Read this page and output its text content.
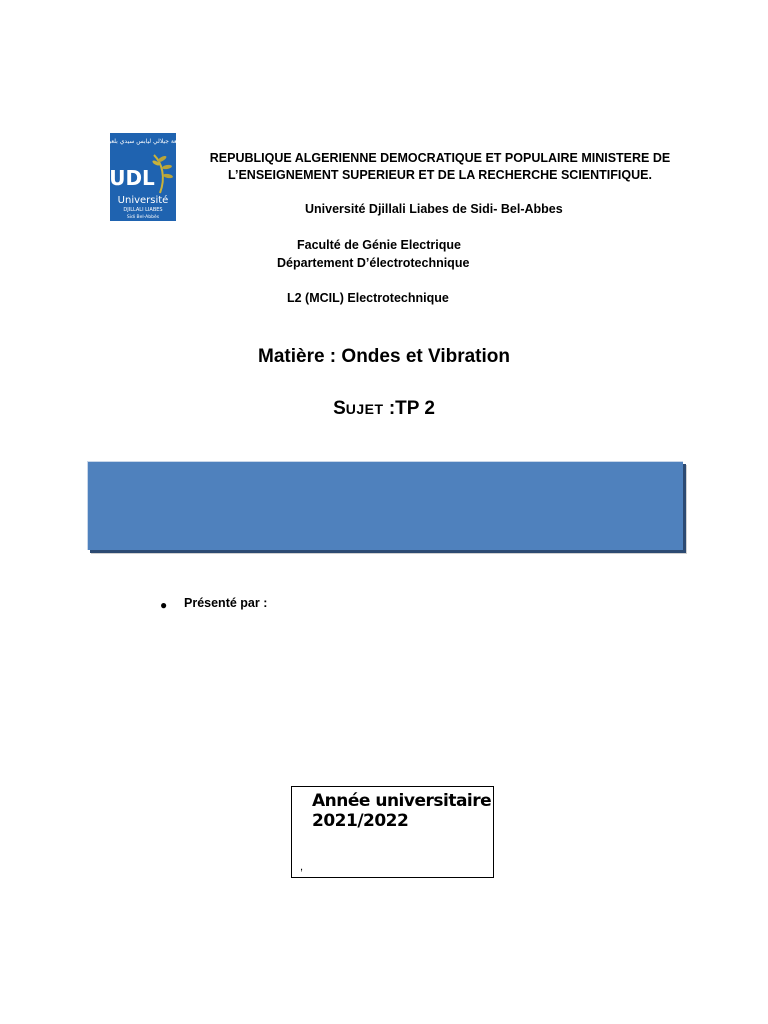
جامعة جيلالي ليابس سيدي بلعباس
UDL
Université
DJILLALI LIABES
Sidi Bel-Abbès
REPUBLIQUE ALGERIENNE DEMOCRATIQUE ET POPULAIRE MINISTERE DE
L’ENSEIGNEMENT SUPERIEUR ET DE LA RECHERCHE SCIENTIFIQUE.
Université Djillali Liabes de Sidi- Bel-Abbes
Faculté de Génie Electrique
Département D’électrotechnique
L2 (MCIL) Electrotechnique
Matière : Ondes et Vibration
SUJET :TP 2
● Présenté par :
Année universitaire
2021/2022
,
